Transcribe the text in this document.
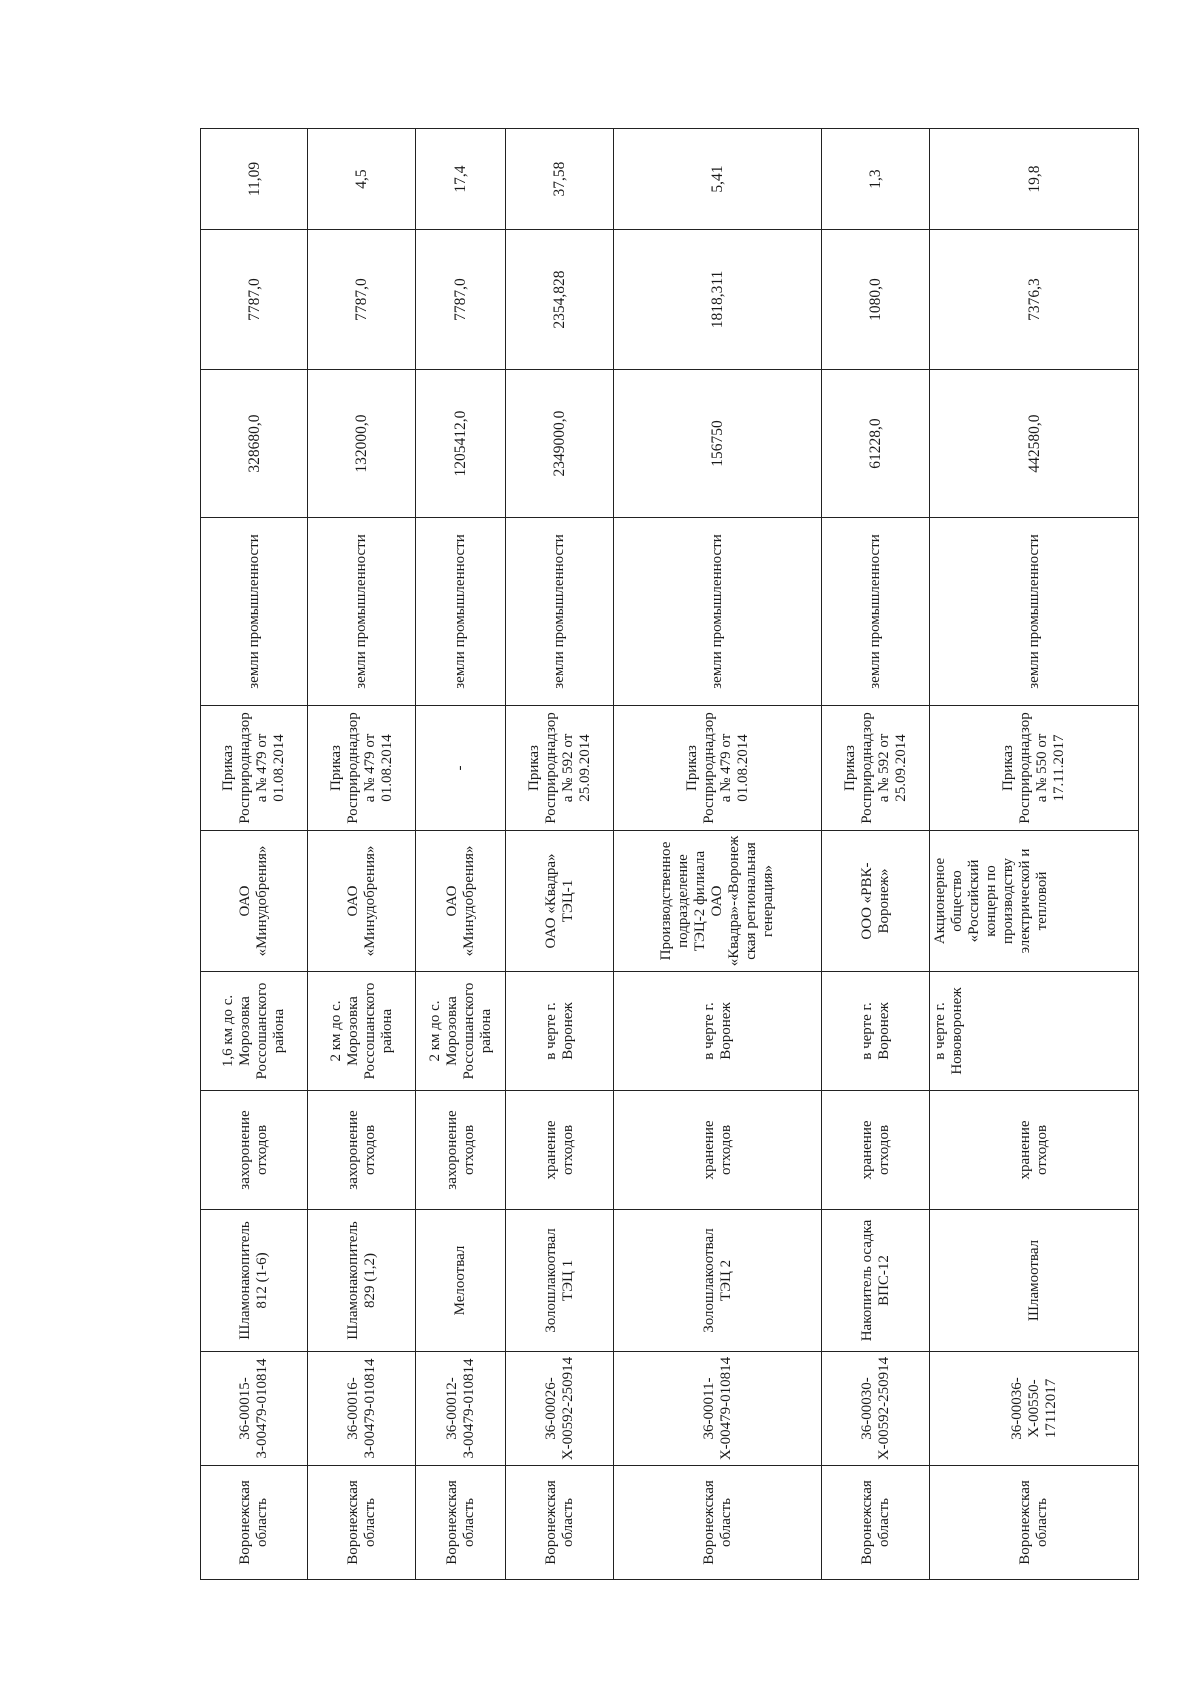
Воронежская область	36-00015-З-00479-010814	Шламонакопитель 812 (1-6)	захоронение отходов	1,6 км до с. Морозовка Россошанского района	ОАО «Минудобрения»	Приказ Росприроднадзора № 479 от 01.08.2014	земли промышленности	328680,0	7787,0	11,09
Воронежская область	36-00016-З-00479-010814	Шламонакопитель 829 (1,2)	захоронение отходов	2 км до с. Морозовка Россошанского района	ОАО «Минудобрения»	Приказ Росприроднадзора № 479 от 01.08.2014	земли промышленности	132000,0	7787,0	4,5
Воронежская область	36-00012-З-00479-010814	Мелоотвал	захоронение отходов	2 км до с. Морозовка Россошанского района	ОАО «Минудобрения»	-	земли промышленности	1205412,0	7787,0	17,4
Воронежская область	36-00026-Х-00592-250914	Золошлакоотвал ТЭЦ 1	хранение отходов	в черте г. Воронеж	ОАО «Квадра» ТЭЦ-1	Приказ Росприроднадзора № 592 от 25.09.2014	земли промышленности	2349000,0	2354,828	37,58
Воронежская область	36-00011-Х-00479-010814	Золошлакоотвал ТЭЦ 2	хранение отходов	в черте г. Воронеж	Производственное подразделение ТЭЦ-2 филиала ОАО «Квадра»-«Воронежская региональная генерация»	Приказ Росприроднадзора № 479 от 01.08.2014	земли промышленности	156750	1818,311	5,41
Воронежская область	36-00030-Х-00592-250914	Накопитель осадка ВПС-12	хранение отходов	в черте г. Воронеж	ООО «РВК-Воронеж»	Приказ Росприроднадзора № 592 от 25.09.2014	земли промышленности	61228,0	1080,0	1,3
Воронежская область	36-00036-Х-00550-17112017	Шламоотвал	хранение отходов	в черте г. Нововоронеж	Акционерное общество «Российский концерн по производству электрической и тепловой	Приказ Росприроднадзора № 550 от 17.11.2017	земли промышленности	442580,0	7376,3	19,8
